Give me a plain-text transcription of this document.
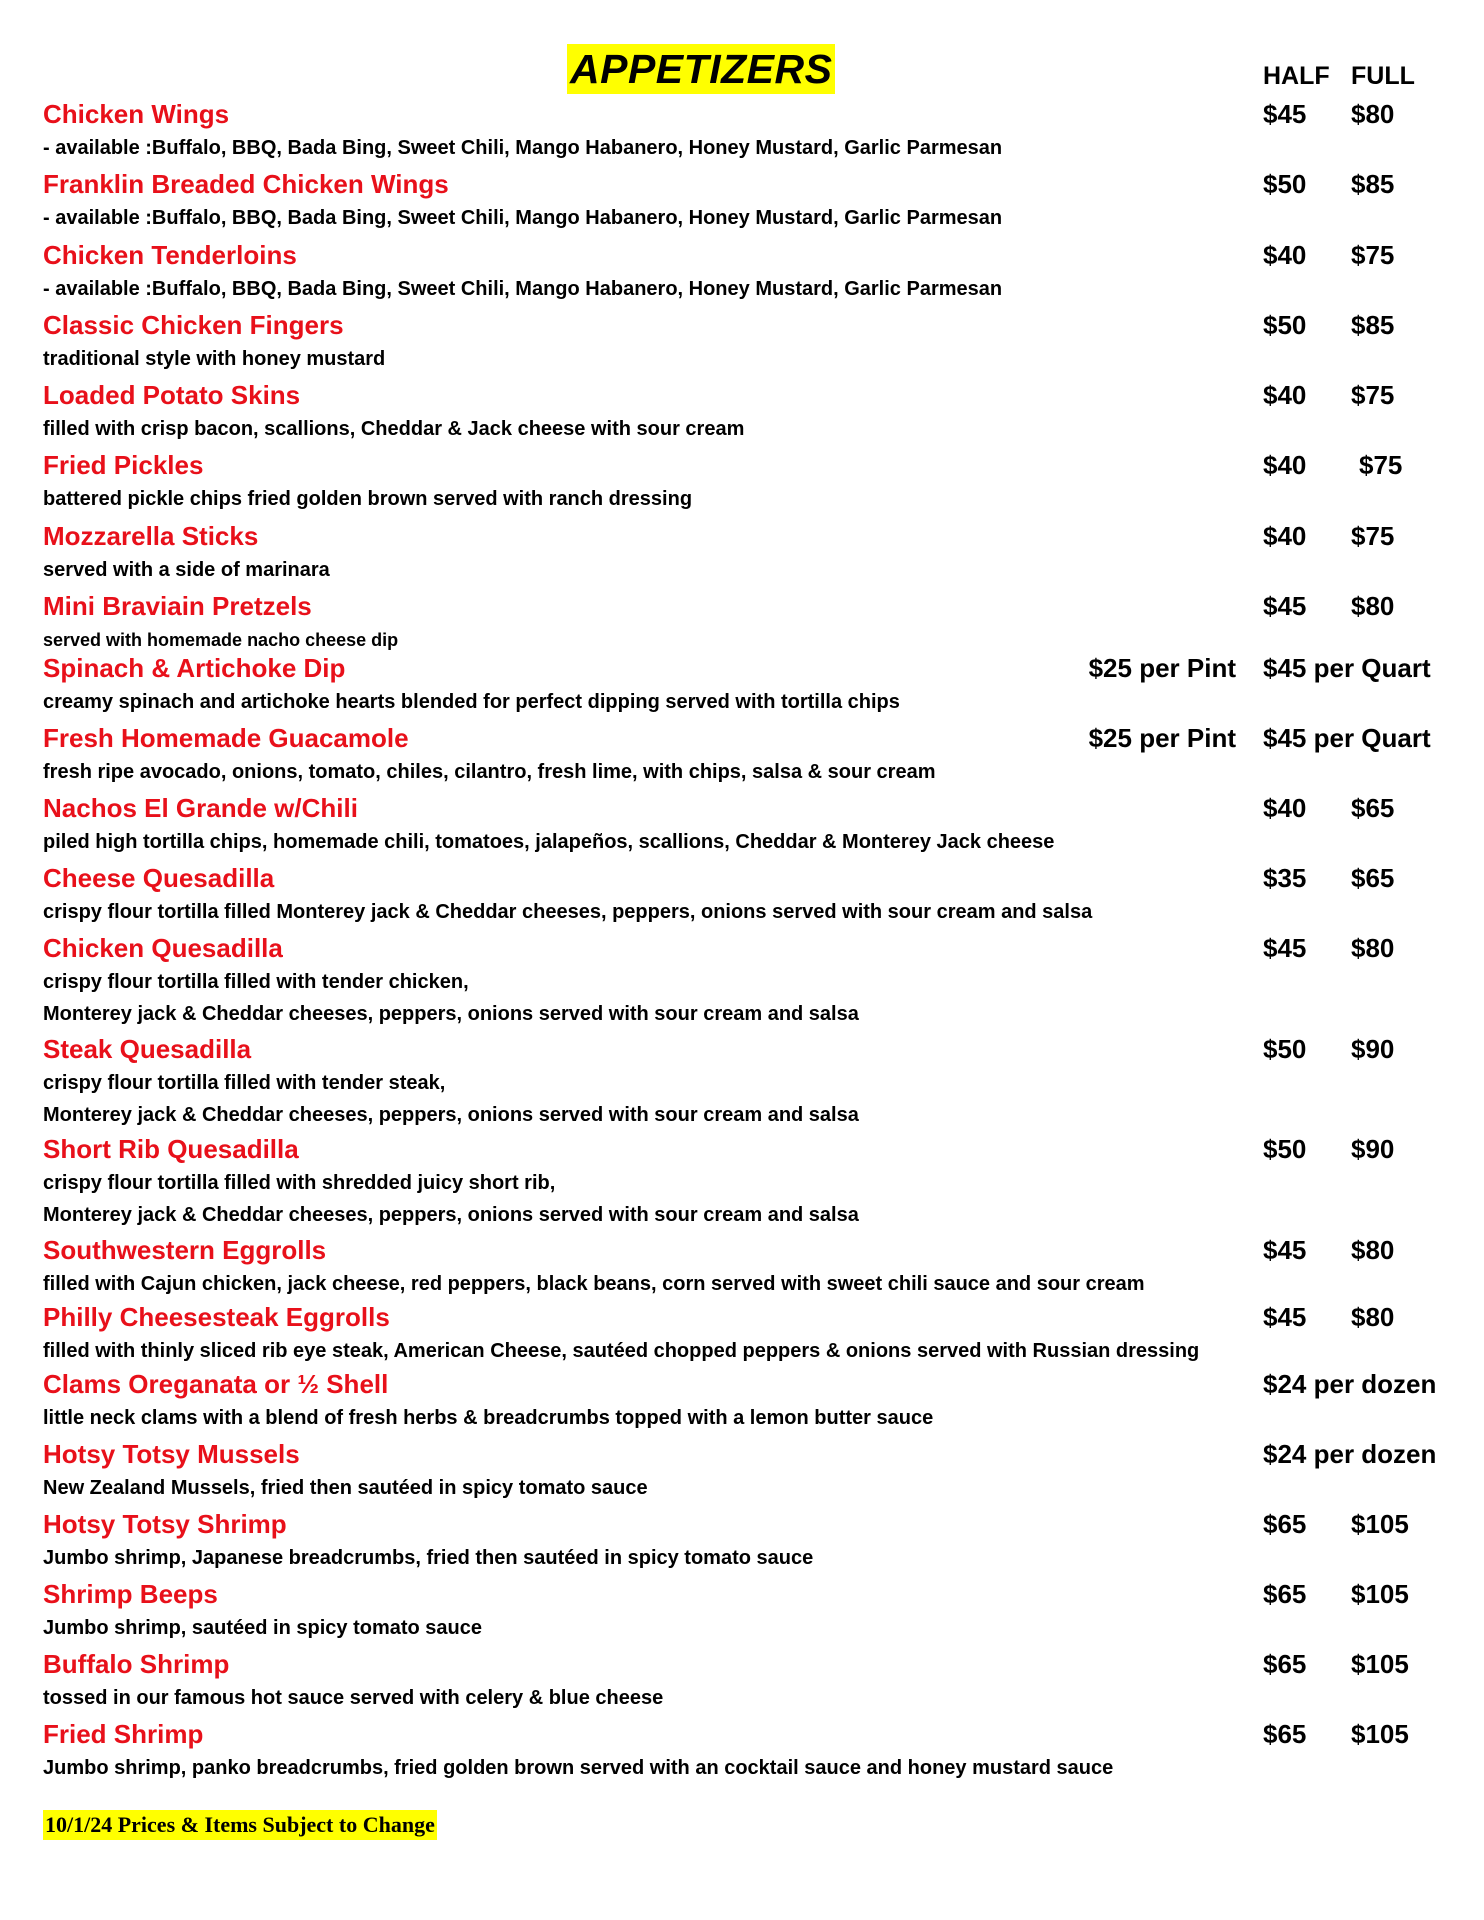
APPETIZERS	HALF FULL
Chicken Wings
- available :Buffalo, BBQ, Bada Bing, Sweet Chili, Mango Habanero, Honey Mustard, Garlic Parmesan
$45 $80
Franklin Breaded Chicken Wings
- available :Buffalo, BBQ, Bada Bing, Sweet Chili, Mango Habanero, Honey Mustard, Garlic Parmesan
$50 $85
Chicken Tenderloins
- available :Buffalo, BBQ, Bada Bing, Sweet Chili, Mango Habanero, Honey Mustard, Garlic Parmesan
$40 $75
Classic Chicken Fingers
traditional style with honey mustard
$50 $85
Loaded Potato Skins
filled with crisp bacon, scallions, Cheddar & Jack cheese with sour cream
$40 $75
Fried Pickles
battered pickle chips fried golden brown served with ranch dressing
$40 $75
Mozzarella Sticks
served with a side of marinara
$40 $75
Mini Braviain Pretzels
served with homemade nacho cheese dip
$45 $80
Spinach & Artichoke Dip
creamy spinach and artichoke hearts blended for perfect dipping served with tortilla chips
$25 per Pint $45 per Quart
Fresh Homemade Guacamole
fresh ripe avocado, onions, tomato, chiles, cilantro, fresh lime, with chips, salsa & sour cream
$25 per Pint $45 per Quart
Nachos El Grande w/Chili
piled high tortilla chips, homemade chili, tomatoes, jalapeños, scallions, Cheddar & Monterey Jack cheese
$40 $65
Cheese Quesadilla
crispy flour tortilla filled Monterey jack & Cheddar cheeses, peppers, onions served with sour cream and salsa
$35 $65
Chicken Quesadilla
crispy flour tortilla filled with tender chicken,
Monterey jack & Cheddar cheeses, peppers, onions served with sour cream and salsa
$45 $80
Steak Quesadilla
crispy flour tortilla filled with tender steak,
Monterey jack & Cheddar cheeses, peppers, onions served with sour cream and salsa
$50 $90
Short Rib Quesadilla
crispy flour tortilla filled with shredded juicy short rib,
Monterey jack & Cheddar cheeses, peppers, onions served with sour cream and salsa
$50 $90
Southwestern Eggrolls
filled with Cajun chicken, jack cheese, red peppers, black beans, corn served with sweet chili sauce and sour cream
$45 $80
Philly Cheesesteak Eggrolls
filled with thinly sliced rib eye steak, American Cheese, sautéed chopped peppers & onions served with Russian dressing
$45 $80
Clams Oreganata or ½ Shell
little neck clams with a blend of fresh herbs & breadcrumbs topped with a lemon butter sauce
$24 per dozen
Hotsy Totsy Mussels
New Zealand Mussels, fried then sautéed in spicy tomato sauce
$24 per dozen
Hotsy Totsy Shrimp
Jumbo shrimp, Japanese breadcrumbs, fried then sautéed in spicy tomato sauce
$65 $105
Shrimp Beeps
Jumbo shrimp, sautéed in spicy tomato sauce
$65 $105
Buffalo Shrimp
tossed in our famous hot sauce served with celery & blue cheese
$65 $105
Fried Shrimp
Jumbo shrimp, panko breadcrumbs, fried golden brown served with an cocktail sauce and honey mustard sauce
$65 $105
10/1/24 Prices & Items Subject to Change
